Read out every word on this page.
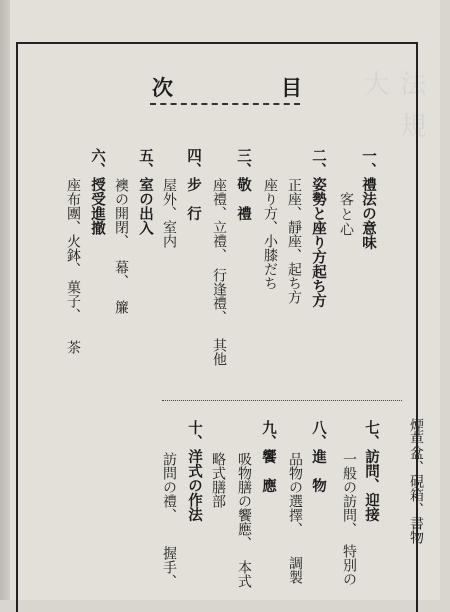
法規大
次	目
一、禮法の意味
客と心
二、姿勢と座り方起ち方
正座、靜座、起ち方
座り方、小膝だち
三、敬　禮
座禮、立禮、
行逢禮、
其他
四、步　行
屋外、室内
五、室の出入
襖の開閉、
幕、
簾
六、授受進撤
座布團、火鉢、
菓子、
茶
煙草盆、硯箱、書物
七、訪問、迎接
一般の訪問、
特別の
八、進　物
品物の選擇、
調製
九、饗　應
吸物膳の饗應、
本式
十、洋式の作法 略式膳部
訪問の禮、
握手、
